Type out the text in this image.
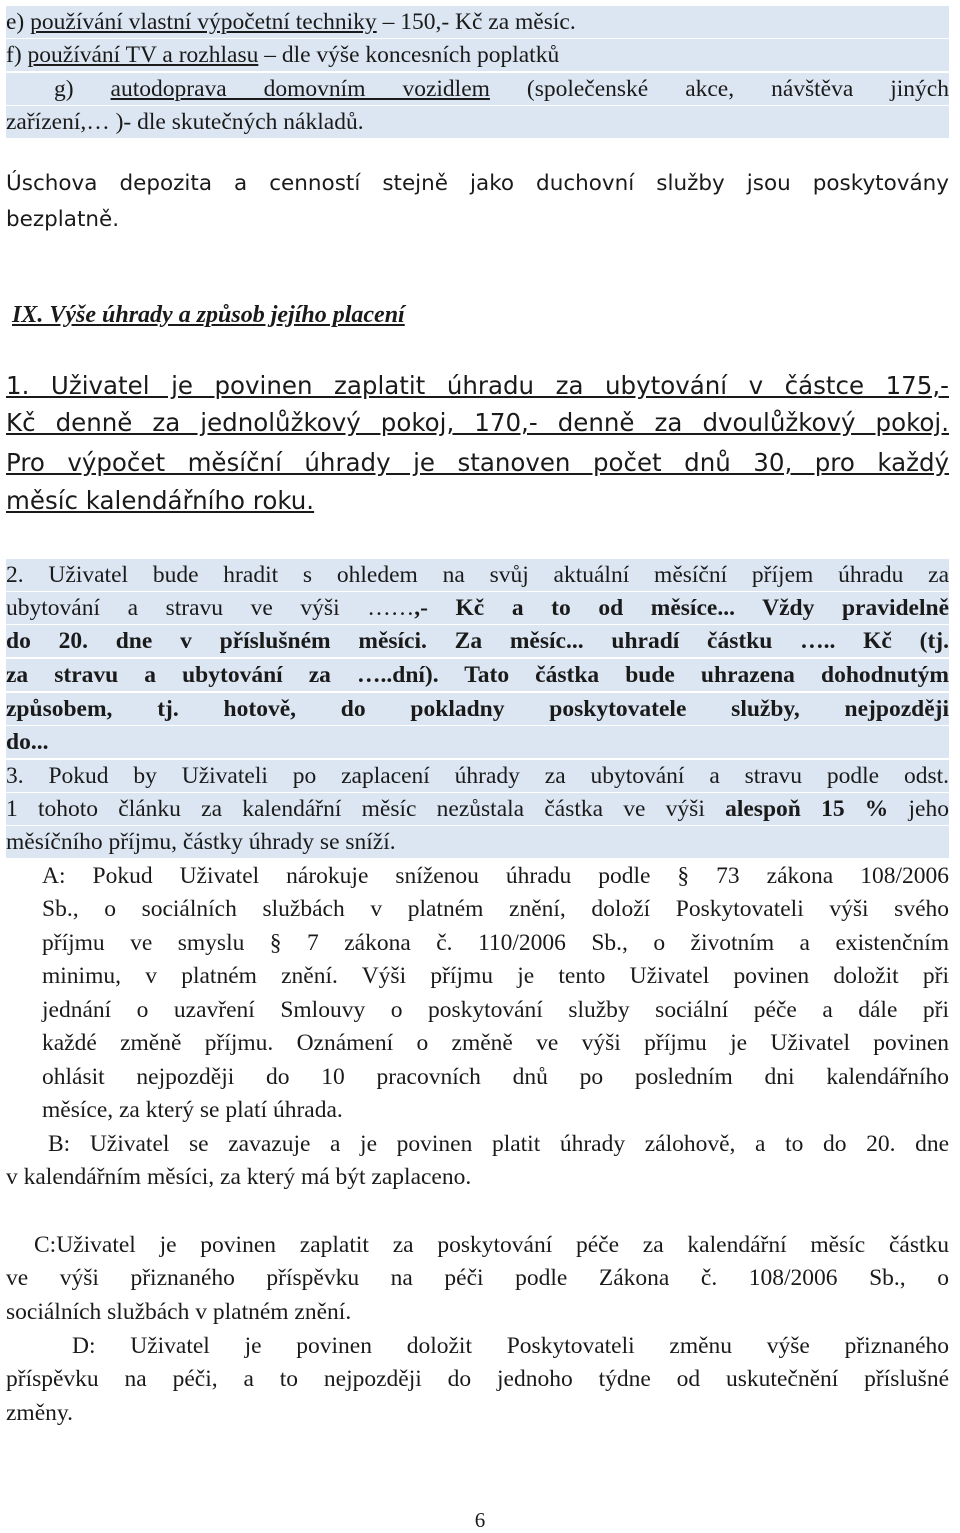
e) používání vlastní výpočetní techniky – 150,- Kč za měsíc.
f) používání TV a rozhlasu – dle výše koncesních poplatků
g) autodoprava domovním vozidlem (společenské akce, návštěva jiných
zařízení,… )- dle skutečných nákladů.
Úschova depozita a cenností stejně jako duchovní služby jsou poskytovány
bezplatně.
IX. Výše úhrady a způsob jejího placení
1. Uživatel je povinen zaplatit úhradu za ubytování v částce 175,-
Kč denně za jednolůžkový pokoj, 170,- denně za dvoulůžkový pokoj.
Pro výpočet měsíční úhrady je stanoven počet dnů 30, pro každý
měsíc kalendářního roku.
2. Uživatel bude hradit s ohledem na svůj aktuální měsíční příjem úhradu za
ubytování a stravu ve výši ……,- Kč a to od měsíce... Vždy pravidelně
do 20. dne v příslušném měsíci. Za měsíc... uhradí částku ….. Kč (tj.
za stravu a ubytování za …..dní). Tato částka bude uhrazena dohodnutým
způsobem, tj. hotově, do pokladny poskytovatele služby, nejpozději
do...
3. Pokud by Uživateli po zaplacení úhrady za ubytování a stravu podle odst.
1 tohoto článku za kalendářní měsíc nezůstala částka ve výši alespoň 15 % jeho
měsíčního příjmu, částky úhrady se sníží.
A: Pokud Uživatel nárokuje sníženou úhradu podle § 73 zákona 108/2006
Sb., o sociálních službách v platném znění, doloží Poskytovateli výši svého
příjmu ve smyslu § 7 zákona č. 110/2006 Sb., o životním a existenčním
minimu, v platném znění. Výši příjmu je tento Uživatel povinen doložit při
jednání o uzavření Smlouvy o poskytování služby sociální péče a dále při
každé změně příjmu. Oznámení o změně ve výši příjmu je Uživatel povinen
ohlásit nejpozději do 10 pracovních dnů po posledním dni kalendářního
měsíce, za který se platí úhrada.
B: Uživatel se zavazuje a je povinen platit úhrady zálohově, a to do 20. dne
v kalendářním měsíci, za který má být zaplaceno.
C:Uživatel je povinen zaplatit za poskytování péče za kalendářní měsíc částku
ve výši přiznaného příspěvku na péči podle Zákona č. 108/2006 Sb., o
sociálních službách v platném znění.
D: Uživatel je povinen doložit Poskytovateli změnu výše přiznaného
příspěvku na péči, a to nejpozději do jednoho týdne od uskutečnění příslušné
změny.
6
